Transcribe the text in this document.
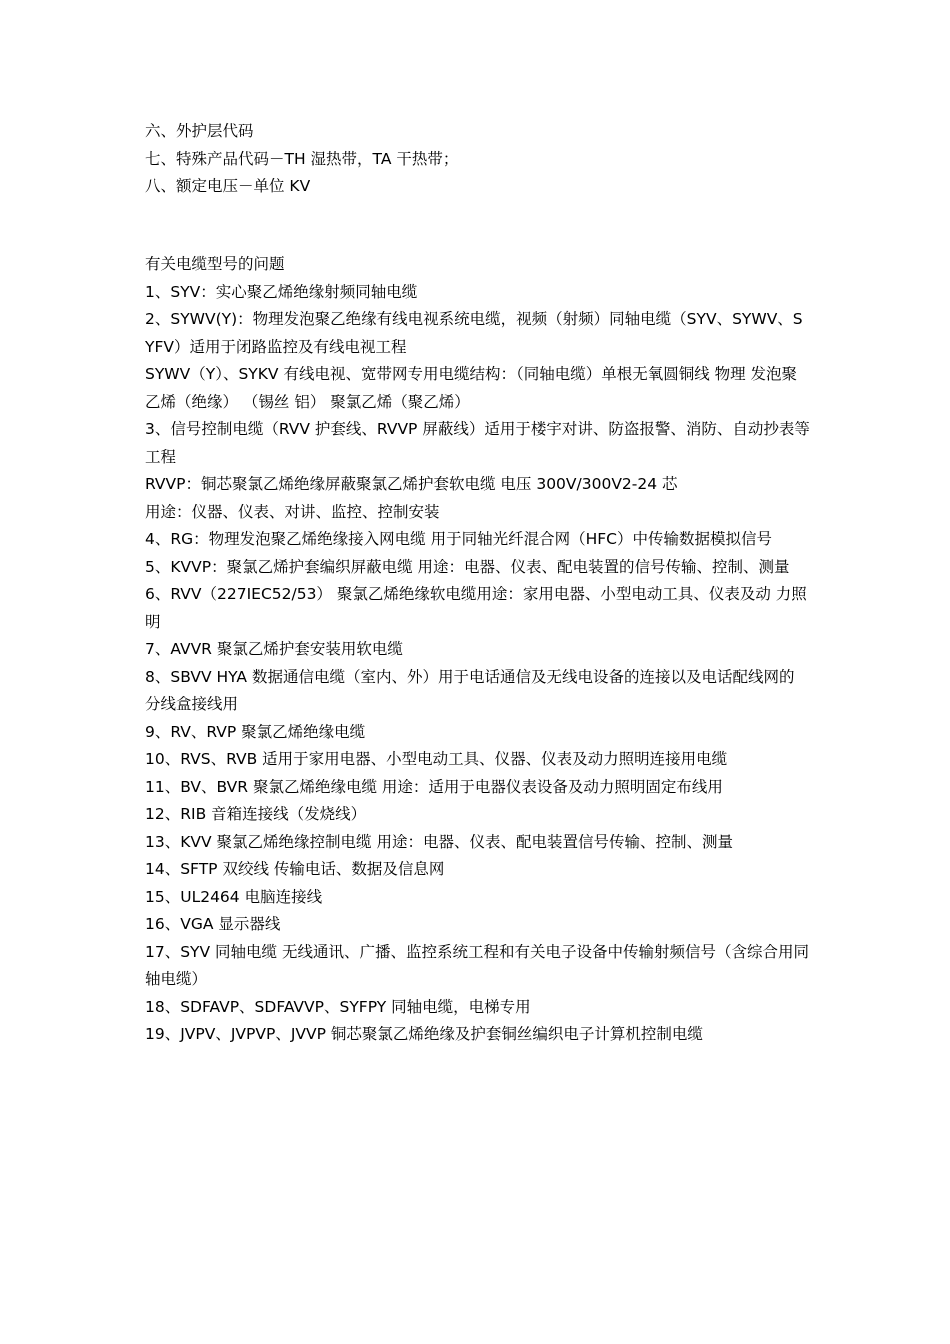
六、外护层代码

七、特殊产品代码－TH 湿热带，TA 干热带；

八、额定电压－单位 KV

有关电缆型号的问题

1、SYV：实心聚乙烯绝缘射频同轴电缆

2、SYWV(Y)：物理发泡聚乙绝缘有线电视系统电缆，视频（射频）同轴电缆（SYV、SYWV、SYFV）适用于闭路监控及有线电视工程

SYWV（Y）、SYKV 有线电视、宽带网专用电缆结构：（同轴电缆）单根无氧圆铜线 物理 发泡聚乙烯（绝缘） （锡丝 铝） 聚氯乙烯（聚乙烯）

3、信号控制电缆（RVV 护套线、RVVP 屏蔽线）适用于楼宇对讲、防盗报警、消防、自动抄表等工程

RVVP：铜芯聚氯乙烯绝缘屏蔽聚氯乙烯护套软电缆 电压 300V/300V2-24 芯

用途：仪器、仪表、对讲、监控、控制安装

4、RG：物理发泡聚乙烯绝缘接入网电缆 用于同轴光纤混合网（HFC）中传输数据模拟信号

5、KVVP：聚氯乙烯护套编织屏蔽电缆 用途：电器、仪表、配电装置的信号传输、控制、测量

6、RVV（227IEC52/53） 聚氯乙烯绝缘软电缆用途：家用电器、小型电动工具、仪表及动 力照明

7、AVVR 聚氯乙烯护套安装用软电缆

8、SBVV HYA 数据通信电缆（室内、外）用于电话通信及无线电设备的连接以及电话配线网的 分线盒接线用

9、RV、RVP 聚氯乙烯绝缘电缆

10、RVS、RVB 适用于家用电器、小型电动工具、仪器、仪表及动力照明连接用电缆

11、BV、BVR 聚氯乙烯绝缘电缆 用途：适用于电器仪表设备及动力照明固定布线用

12、RIB 音箱连接线（发烧线）

13、KVV 聚氯乙烯绝缘控制电缆 用途：电器、仪表、配电装置信号传输、控制、测量

14、SFTP 双绞线 传输电话、数据及信息网

15、UL2464 电脑连接线

16、VGA 显示器线

17、SYV 同轴电缆 无线通讯、广播、监控系统工程和有关电子设备中传输射频信号（含综合用同轴电缆）

18、SDFAVP、SDFAVVP、SYFPY 同轴电缆，电梯专用

19、JVPV、JVPVP、JVVP 铜芯聚氯乙烯绝缘及护套铜丝编织电子计算机控制电缆
